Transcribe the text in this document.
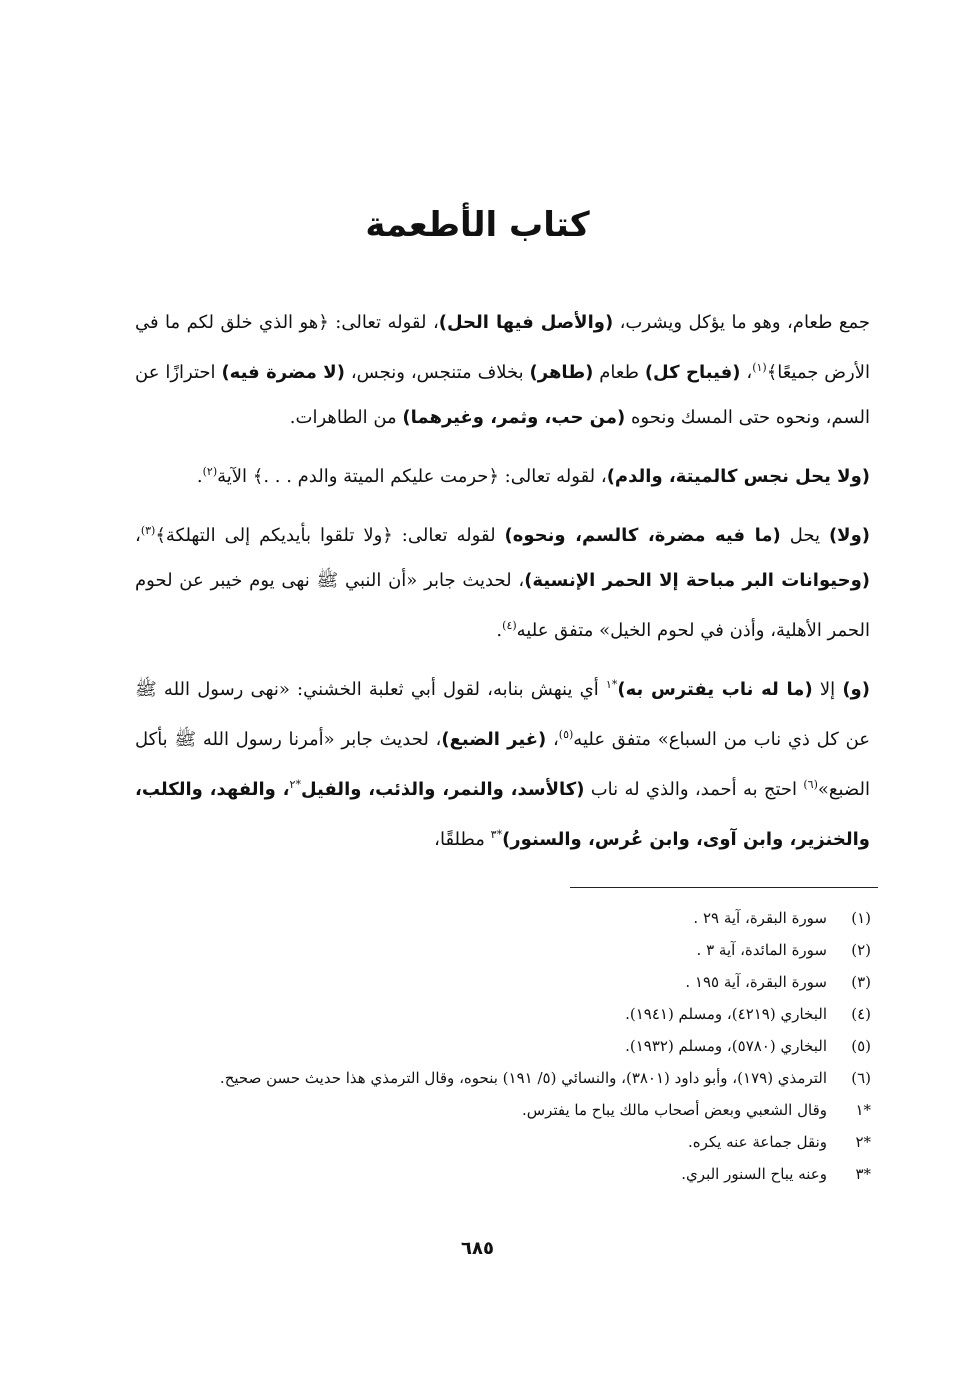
كتاب الأطعمة

جمع طعام، وهو ما يؤكل ويشرب، (والأصل فيها الحل)، لقوله تعالى: ﴿هو الذي خلق لكم ما في الأرض جميعًا﴾$^{(١)}$، (فيباح كل) طعام (طاهر) بخلاف متنجس، ونجس، (لا مضرة فيه) احترازًا عن السم، ونحوه حتى المسك ونحوه (من حب، وثمر، وغيرهما) من الطاهرات.

(ولا يحل نجس كالميتة، والدم)، لقوله تعالى: ﴿حرمت عليكم الميتة والدم . . .﴾ الآية$^{(٢)}$.

(ولا) يحل (ما فيه مضرة، كالسم، ونحوه) لقوله تعالى: ﴿ولا تلقوا بأيديكم إلى التهلكة﴾$^{(٣)}$، (وحيوانات البر مباحة إلا الحمر الإنسية)، لحديث جابر «أن النبي ﷺ نهى يوم خيبر عن لحوم الحمر الأهلية، وأذن في لحوم الخيل» متفق عليه$^{(٤)}$.

(و) إلا (ما له ناب يفترس به)$^{*١}$ أي ينهش بنابه، لقول أبي ثعلبة الخشني: «نهى رسول الله ﷺ عن كل ذي ناب من السباع» متفق عليه$^{(٥)}$، (غير الضبع)، لحديث جابر «أمرنا رسول الله ﷺ بأكل الضبع»$^{(٦)}$ احتج به أحمد، والذي له ناب (كالأسد، والنمر، والذئب، والفيل$^{*٢}$، والفهد، والكلب، والخنزير، وابن آوى، وابن عُرس، والسنور)$^{*٣}$ مطلقًا،

(١)
سورة البقرة، آية ٢٩ .
(٢)
سورة المائدة، آية ٣ .
(٣)
سورة البقرة، آية ١٩٥ .
(٤)
البخاري (٤٢١٩)، ومسلم (١٩٤١).
(٥)
البخاري (٥٧٨٠)، ومسلم (١٩٣٢).
(٦)
الترمذي (١٧٩)، وأبو داود (٣٨٠١)، والنسائي (٥/ ١٩١) بنحوه، وقال الترمذي هذا حديث حسن صحيح.
*١
وقال الشعبي وبعض أصحاب مالك يباح ما يفترس.
*٢
ونقل جماعة عنه يكره.
*٣
وعنه يباح السنور البري.
٦٨٥
